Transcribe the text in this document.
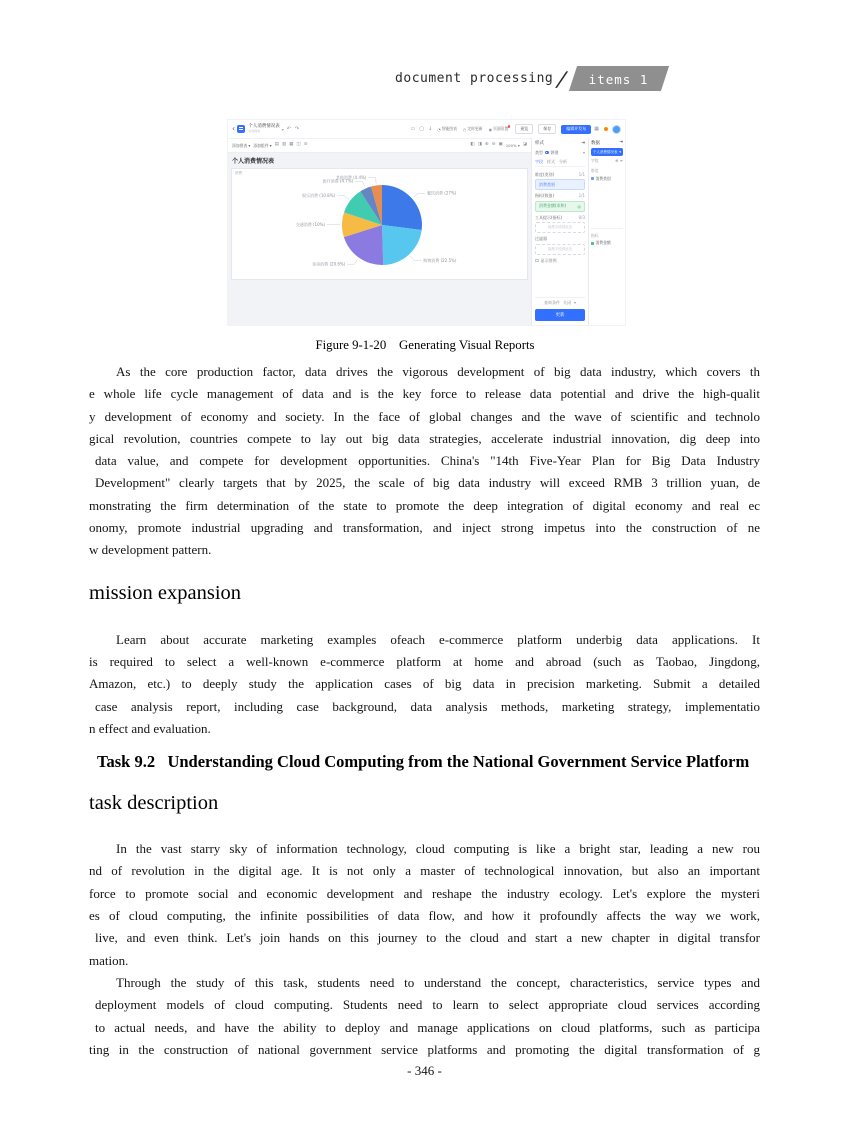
document processing /	items 1
‹	个人消费情况表
自动保存	▾ ↶ ↷	▭ ▢ ↓ ◔ 智能图表 ◷ 定时更新 ◉ 页面设置	预览	保存	编辑并发布	▦
添加图表 ▾ 添加组件 ▾ ▤ ▥ ▦ ◫ ⊘	◧ ◨ ⊕ ⊖ ▣ 100% ▾ ◪
个人消费情况表
消费
餐饮消费 (27%)
购物消费 (22.5%)
住房消费 (20.6%)
交通消费 (10%)
娱乐消费 (10.8%)
医疗消费 (4.7%)
其他消费 (4.4%)
样式	⇥
类型 饼图	▾
字段 样式 分析
维度(类别)	1/1
消费类别
指标(数值)	1/1
消费金额(求和)	◎
工具提示(指标)	0/3
拖拽字段到此处
过滤器
拖拽字段到此处
显示图例
查询条件 关闭 ▾
更新
数据	⇥
个人消费情况表 ▾
字段	⊕ ≡
维度
消费类别
指标
消费金额
Figure 9-1-20    Generating Visual Reports
As the core production factor, data drives the vigorous development of big data industry, which covers th
e whole life cycle management of data and is the key force to release data potential and drive the high-qualit
y development of economy and society. In the face of global changes and the wave of scientific and technolo
gical revolution, countries compete to lay out big data strategies, accelerate industrial innovation, dig deep into
data value, and compete for development opportunities. China's "14th Five-Year Plan for Big Data Industry
Development" clearly targets that by 2025, the scale of big data industry will exceed RMB 3 trillion yuan, de
monstrating the firm determination of the state to promote the deep integration of digital economy and real ec
onomy, promote industrial upgrading and transformation, and inject strong impetus into the construction of ne
w development pattern.
mission expansion
Learn about accurate marketing examples ofeach e-commerce platform underbig data applications. It
is required to select a well-known e-commerce platform at home and abroad (such as Taobao, Jingdong,
Amazon, etc.) to deeply study the application cases of big data in precision marketing. Submit a detailed
case analysis report, including case background, data analysis methods, marketing strategy, implementatio
n effect and evaluation.
Task 9.2   Understanding Cloud Computing from the National Government Service Platform
task description
In the vast starry sky of information technology, cloud computing is like a bright star, leading a new rou
nd of revolution in the digital age. It is not only a master of technological innovation, but also an important
force to promote social and economic development and reshape the industry ecology. Let's explore the mysteri
es of cloud computing, the infinite possibilities of data flow, and how it profoundly affects the way we work,
live, and even think. Let's join hands on this journey to the cloud and start a new chapter in digital transfor
mation.
Through the study of this task, students need to understand the concept, characteristics, service types and
deployment models of cloud computing. Students need to learn to select appropriate cloud services according
to actual needs, and have the ability to deploy and manage applications on cloud platforms, such as participa
ting in the construction of national government service platforms and promoting the digital transformation of g
- 346 -
